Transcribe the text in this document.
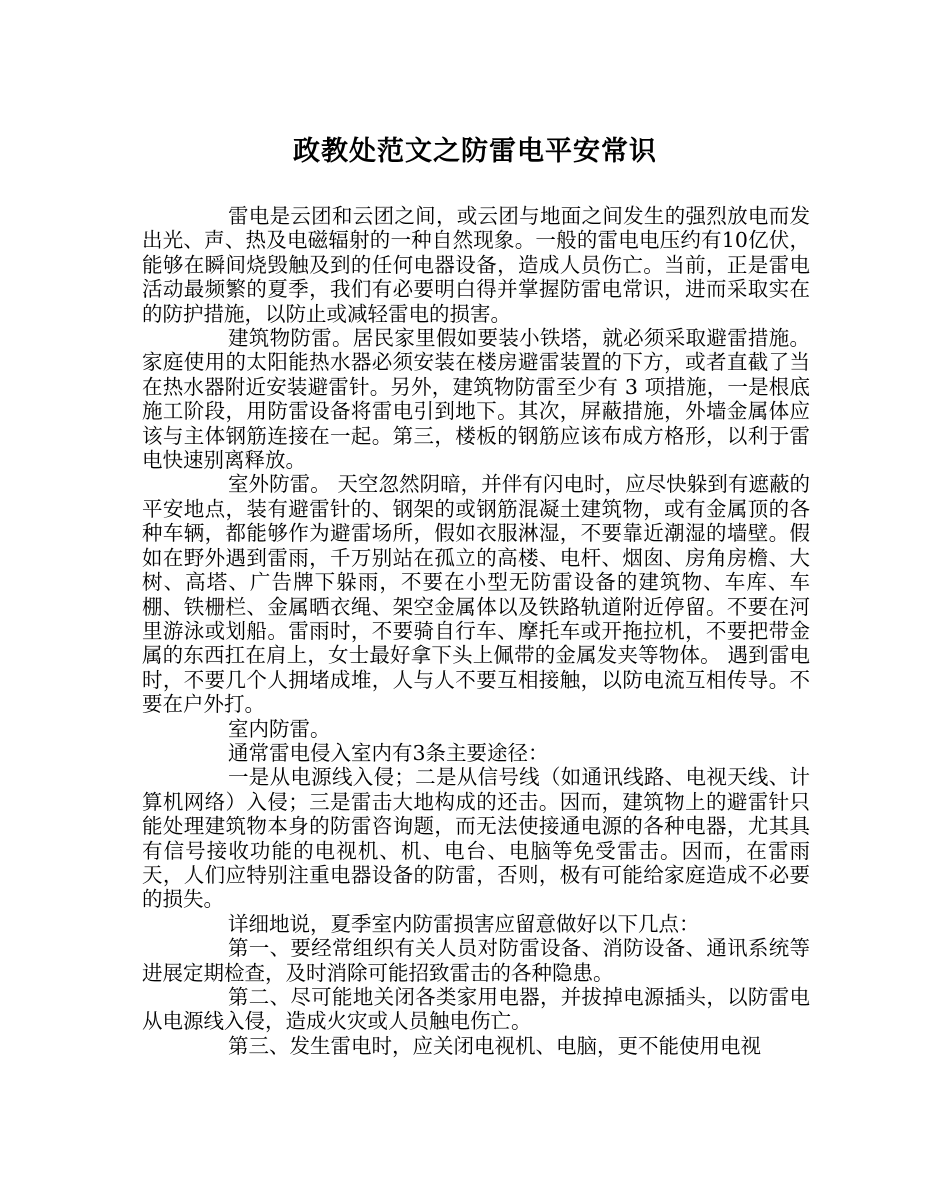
政教处范文之防雷电平安常识

雷电是云团和云团之间，或云团与地面之间发生的强烈放电而发出光、声、热及电磁辐射的一种自然现象。一般的雷电电压约有10亿伏，能够在瞬间烧毁触及到的任何电器设备，造成人员伤亡。当前，正是雷电活动最频繁的夏季，我们有必要明白得并掌握防雷电常识，进而采取实在的防护措施，以防止或减轻雷电的损害。

建筑物防雷。居民家里假如要装小铁塔，就必须采取避雷措施。家庭使用的太阳能热水器必须安装在楼房避雷装置的下方，或者直截了当在热水器附近安装避雷针。另外，建筑物防雷至少有 3 项措施，一是根底施工阶段，用防雷设备将雷电引到地下。其次，屏蔽措施，外墙金属体应该与主体钢筋连接在一起。第三，楼板的钢筋应该布成方格形，以利于雷电快速别离释放。

室外防雷。 天空忽然阴暗，并伴有闪电时，应尽快躲到有遮蔽的平安地点，装有避雷针的、钢架的或钢筋混凝土建筑物，或有金属顶的各种车辆，都能够作为避雷场所，假如衣服淋湿，不要靠近潮湿的墙壁。假如在野外遇到雷雨，千万别站在孤立的高楼、电杆、烟囱、房角房檐、大树、高塔、广告牌下躲雨，不要在小型无防雷设备的建筑物、车库、车棚、铁栅栏、金属晒衣绳、架空金属体以及铁路轨道附近停留。不要在河里游泳或划船。雷雨时，不要骑自行车、摩托车或开拖拉机，不要把带金属的东西扛在肩上，女士最好拿下头上佩带的金属发夹等物体。 遇到雷电时，不要几个人拥堵成堆，人与人不要互相接触，以防电流互相传导。不要在户外打。

室内防雷。

通常雷电侵入室内有3条主要途径：

一是从电源线入侵；二是从信号线（如通讯线路、电视天线、计算机网络）入侵；三是雷击大地构成的还击。因而，建筑物上的避雷针只能处理建筑物本身的防雷咨询题，而无法使接通电源的各种电器，尤其具有信号接收功能的电视机、机、电台、电脑等免受雷击。因而，在雷雨天，人们应特别注重电器设备的防雷，否则，极有可能给家庭造成不必要的损失。

详细地说，夏季室内防雷损害应留意做好以下几点：

第一、要经常组织有关人员对防雷设备、消防设备、通讯系统等进展定期检查，及时消除可能招致雷击的各种隐患。

第二、尽可能地关闭各类家用电器，并拔掉电源插头，以防雷电从电源线入侵，造成火灾或人员触电伤亡。

第三、发生雷电时，应关闭电视机、电脑，更不能使用电视
